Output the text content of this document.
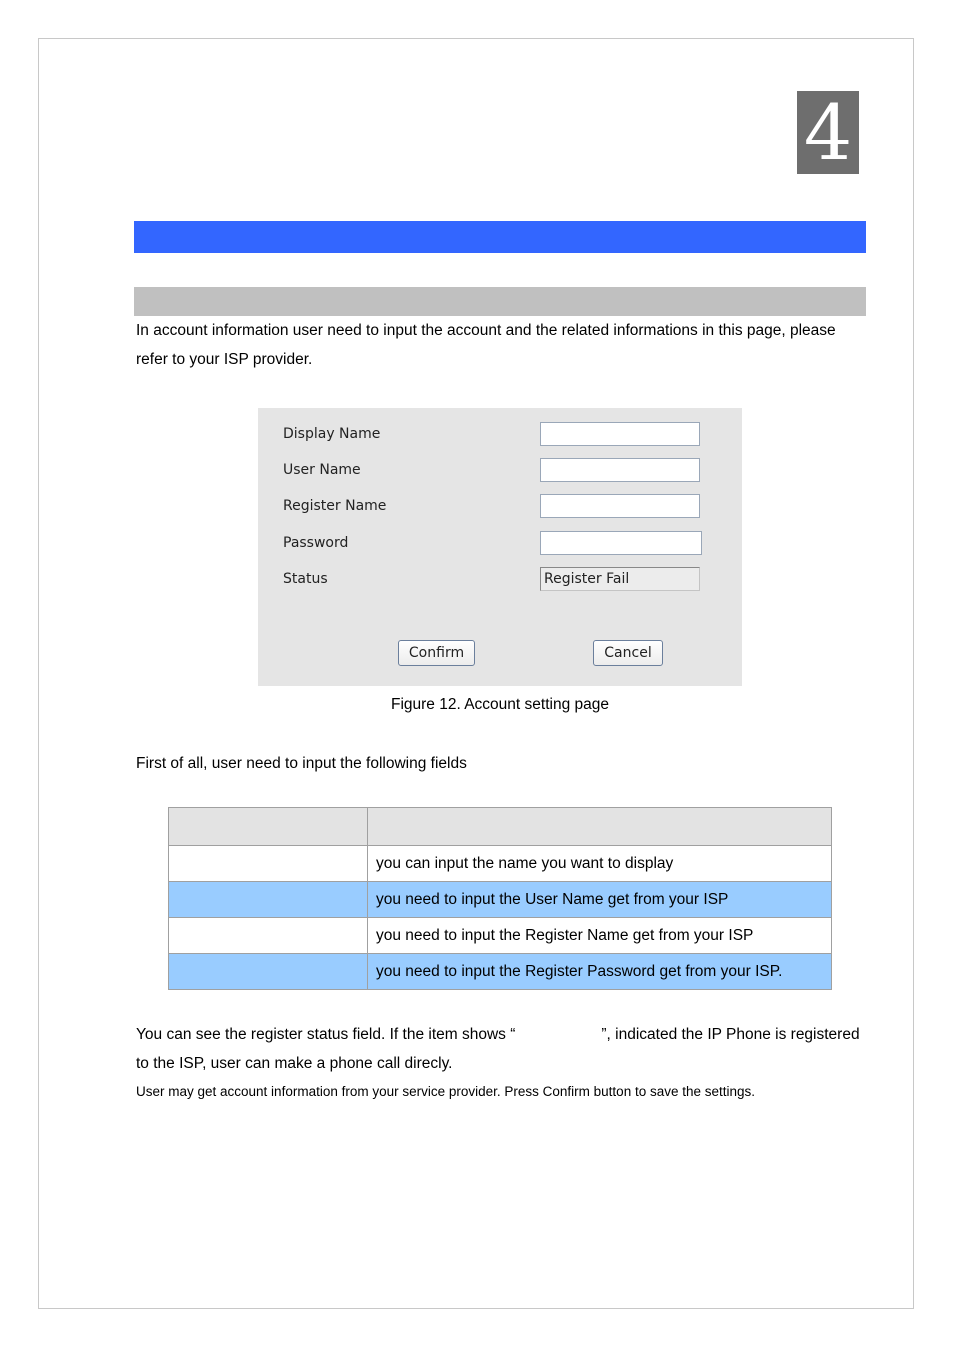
4
In account information user need to input the account and the related informations in this page, please refer to your ISP provider.
Display Name
User Name
Register Name
Password
Status	Register Fail
Confirm	Cancel
Figure 12. Account setting page
First of all, user need to input the following fields

	you can input the name you want to display
	you need to input the User Name get from your ISP
	you need to input the Register Name get from your ISP
	you need to input the Register Password get from your ISP.
You can see the register status field. If the item shows “	”, indicated the IP Phone is registered to the ISP, user can make a phone call direcly.
User may get account information from your service provider. Press Confirm button to save the settings.
